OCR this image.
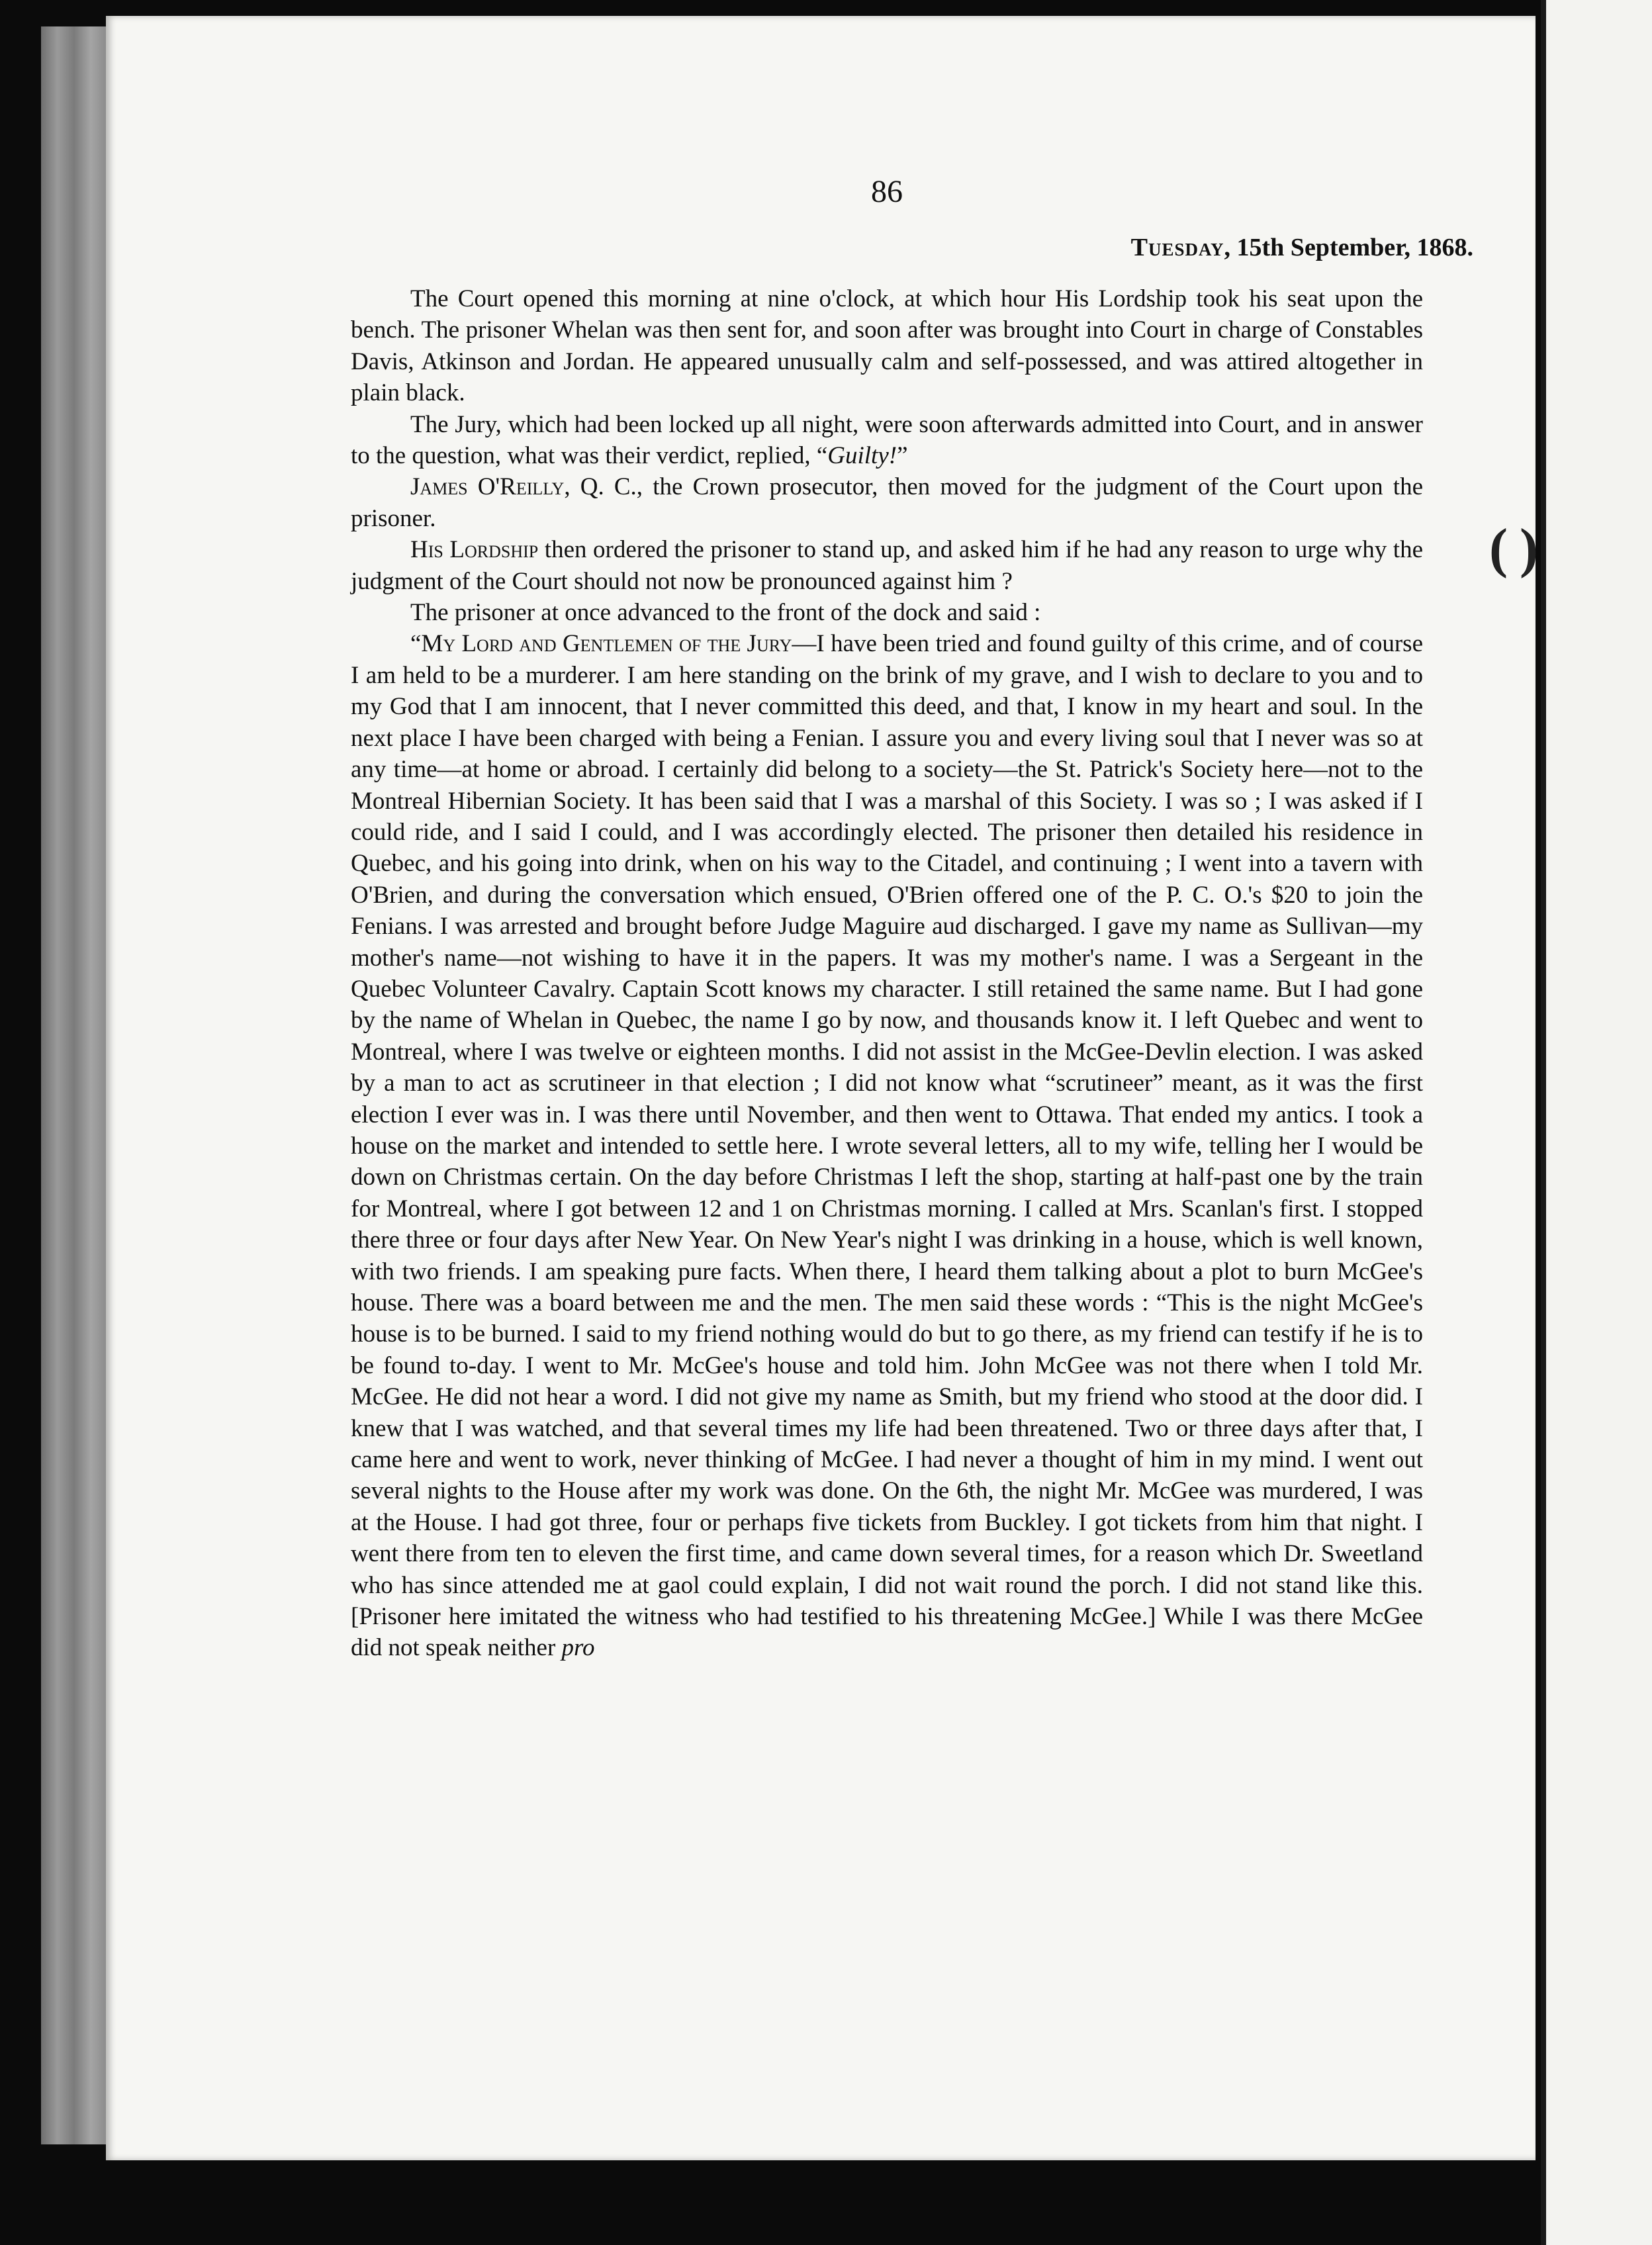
( )
86
Tuesday, 15th September, 1868.

The Court opened this morning at nine o'clock, at which hour His Lordship took his seat upon the bench. The prisoner Whelan was then sent for, and soon after was brought into Court in charge of Constables Davis, Atkinson and Jordan. He appeared unusually calm and self-possessed, and was attired altogether in plain black.

The Jury, which had been locked up all night, were soon afterwards admitted into Court, and in answer to the question, what was their verdict, replied, “Guilty!”

James O'Reilly, Q. C., the Crown prosecutor, then moved for the judgment of the Court upon the prisoner.

His Lordship then ordered the prisoner to stand up, and asked him if he had any reason to urge why the judgment of the Court should not now be pronounced against him ?

The prisoner at once advanced to the front of the dock and said :

“My Lord and Gentlemen of the Jury—I have been tried and found guilty of this crime, and of course I am held to be a murderer. I am here standing on the brink of my grave, and I wish to declare to you and to my God that I am innocent, that I never committed this deed, and that, I know in my heart and soul. In the next place I have been charged with being a Fenian. I assure you and every living soul that I never was so at any time—at home or abroad. I certainly did belong to a society—the St. Patrick's Society here—not to the Montreal Hibernian Society. It has been said that I was a marshal of this Society. I was so ; I was asked if I could ride, and I said I could, and I was accordingly elected. The prisoner then detailed his residence in Quebec, and his going into drink, when on his way to the Citadel, and continuing ; I went into a tavern with O'Brien, and during the conversation which ensued, O'Brien offered one of the P. C. O.'s $20 to join the Fenians. I was arrested and brought before Judge Maguire aud discharged. I gave my name as Sullivan—my mother's name—not wishing to have it in the papers. It was my mother's name. I was a Sergeant in the Quebec Volunteer Cavalry. Captain Scott knows my character. I still retained the same name. But I had gone by the name of Whelan in Quebec, the name I go by now, and thousands know it. I left Quebec and went to Montreal, where I was twelve or eighteen months. I did not assist in the McGee-Devlin election. I was asked by a man to act as scrutineer in that election ; I did not know what “scrutineer” meant, as it was the first election I ever was in. I was there until November, and then went to Ottawa. That ended my antics. I took a house on the market and intended to settle here. I wrote several letters, all to my wife, telling her I would be down on Christmas certain. On the day before Christmas I left the shop, starting at half-past one by the train for Montreal, where I got between 12 and 1 on Christmas morning. I called at Mrs. Scanlan's first. I stopped there three or four days after New Year. On New Year's night I was drinking in a house, which is well known, with two friends. I am speaking pure facts. When there, I heard them talking about a plot to burn McGee's house. There was a board between me and the men. The men said these words : “This is the night McGee's house is to be burned. I said to my friend nothing would do but to go there, as my friend can testify if he is to be found to-day. I went to Mr. McGee's house and told him. John McGee was not there when I told Mr. McGee. He did not hear a word. I did not give my name as Smith, but my friend who stood at the door did. I knew that I was watched, and that several times my life had been threatened. Two or three days after that, I came here and went to work, never thinking of McGee. I had never a thought of him in my mind. I went out several nights to the House after my work was done. On the 6th, the night Mr. McGee was murdered, I was at the House. I had got three, four or perhaps five tickets from Buckley. I got tickets from him that night. I went there from ten to eleven the first time, and came down several times, for a reason which Dr. Sweetland who has since attended me at gaol could explain, I did not wait round the porch. I did not stand like this. [Prisoner here imitated the witness who had testified to his threatening McGee.] While I was there McGee did not speak neither pro
